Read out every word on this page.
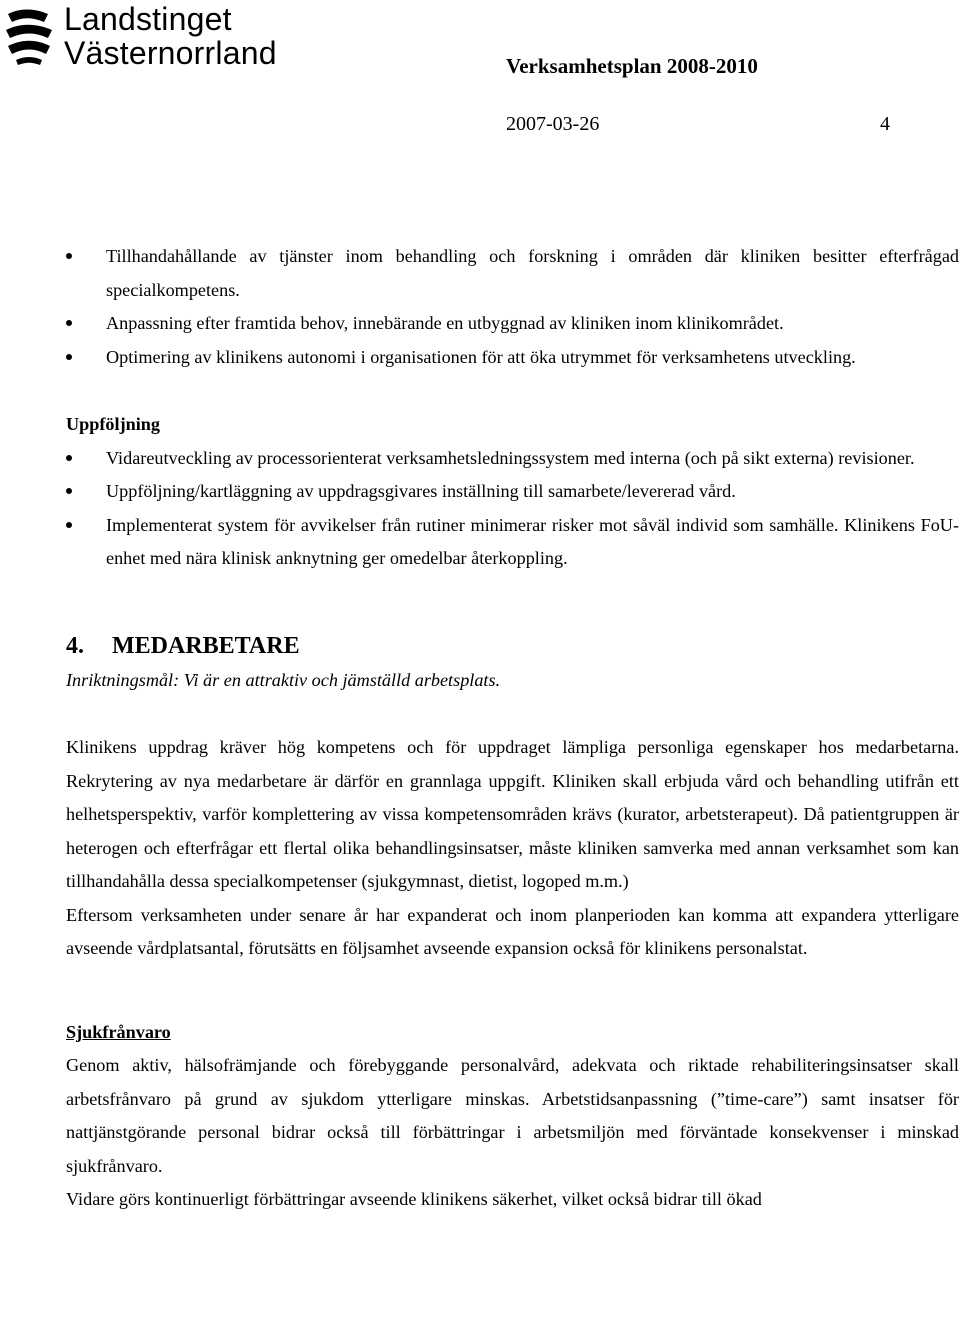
Landstinget
Västernorrland	Verksamhetsplan 2008-2010
2007-03-26	4
Tillhandahållande av tjänster inom behandling och forskning i områden där kliniken besitter efterfrågad specialkompetens.
Anpassning efter framtida behov, innebärande en utbyggnad av kliniken inom klinikområdet.
Optimering av klinikens autonomi i organisationen för att öka utrymmet för verksamhetens utveckling.
Uppföljning
Vidareutveckling av processorienterat verksamhetsledningssystem med interna (och på sikt externa) revisioner.
Uppföljning/kartläggning av uppdragsgivares inställning till samarbete/levererad vård.
Implementerat system för avvikelser från rutiner minimerar risker mot såväl individ som samhälle. Klinikens FoU-enhet med nära klinisk anknytning ger omedelbar återkoppling.
4. MEDARBETARE

Inriktningsmål: Vi är en attraktiv och jämställd arbetsplats.

Klinikens uppdrag kräver hög kompetens och för uppdraget lämpliga personliga egenskaper hos medarbetarna. Rekrytering av nya medarbetare är därför en grannlaga uppgift. Kliniken skall erbjuda vård och behandling utifrån ett helhetsperspektiv, varför komplettering av vissa kompetensområden krävs (kurator, arbetsterapeut). Då patientgruppen är heterogen och efterfrågar ett flertal olika behandlingsinsatser, måste kliniken samverka med annan verksamhet som kan tillhandahålla dessa specialkompetenser (sjukgymnast, dietist, logoped m.m.)

Eftersom verksamheten under senare år har expanderat och inom planperioden kan komma att expandera ytterligare avseende vårdplatsantal, förutsätts en följsamhet avseende expansion också för klinikens personalstat.

Sjukfrånvaro

Genom aktiv, hälsofrämjande och förebyggande personalvård, adekvata och riktade rehabiliteringsinsatser skall arbetsfrånvaro på grund av sjukdom ytterligare minskas. Arbetstidsanpassning (”time-care”) samt insatser för nattjänstgörande personal bidrar också till förbättringar i arbetsmiljön med förväntade konsekvenser i minskad sjukfrånvaro.

Vidare görs kontinuerligt förbättringar avseende klinikens säkerhet, vilket också bidrar till ökad
